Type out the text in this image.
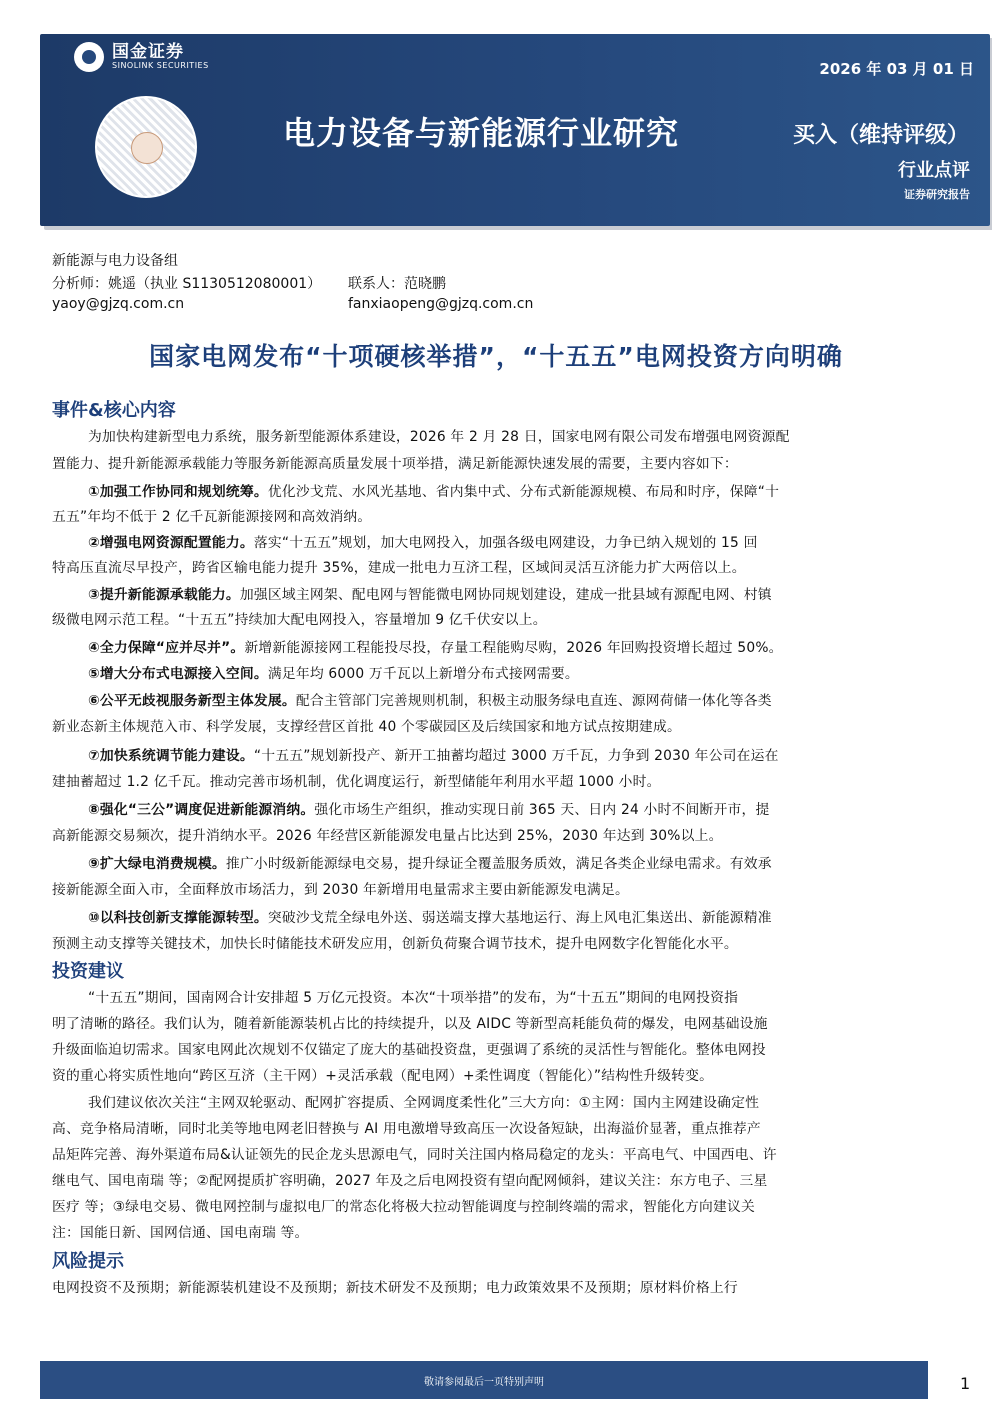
国金证券
SINOLINK SECURITIES	2026 年 03 月 01 日
电力设备与新能源行业研究	买入（维持评级）
行业点评
证券研究报告
新能源与电力设备组
分析师：姚遥（执业 S1130512080001）
yaoy@gjzq.com.cn
联系人：范晓鹏
fanxiaopeng@gjzq.com.cn
国家电网发布“十项硬核举措”，“十五五”电网投资方向明确
事件&核心内容
为加快构建新型电力系统，服务新型能源体系建设，2026 年 2 月 28 日，国家电网有限公司发布增强电网资源配
置能力、提升新能源承载能力等服务新能源高质量发展十项举措，满足新能源快速发展的需要，主要内容如下：
①加强工作协同和规划统筹。优化沙戈荒、水风光基地、省内集中式、分布式新能源规模、布局和时序，保障“十
五五”年均不低于 2 亿千瓦新能源接网和高效消纳。
②增强电网资源配置能力。落实“十五五”规划，加大电网投入，加强各级电网建设，力争已纳入规划的 15 回
特高压直流尽早投产，跨省区输电能力提升 35%，建成一批电力互济工程，区域间灵活互济能力扩大两倍以上。
③提升新能源承载能力。加强区域主网架、配电网与智能微电网协同规划建设，建成一批县域有源配电网、村镇
级微电网示范工程。“十五五”持续加大配电网投入，容量增加 9 亿千伏安以上。
④全力保障“应并尽并”。新增新能源接网工程能投尽投，存量工程能购尽购，2026 年回购投资增长超过 50%。
⑤增大分布式电源接入空间。满足年均 6000 万千瓦以上新增分布式接网需要。
⑥公平无歧视服务新型主体发展。配合主管部门完善规则机制，积极主动服务绿电直连、源网荷储一体化等各类
新业态新主体规范入市、科学发展，支撑经营区首批 40 个零碳园区及后续国家和地方试点按期建成。
⑦加快系统调节能力建设。“十五五”规划新投产、新开工抽蓄均超过 3000 万千瓦，力争到 2030 年公司在运在
建抽蓄超过 1.2 亿千瓦。推动完善市场机制，优化调度运行，新型储能年利用水平超 1000 小时。
⑧强化“三公”调度促进新能源消纳。强化市场生产组织，推动实现日前 365 天、日内 24 小时不间断开市，提
高新能源交易频次，提升消纳水平。2026 年经营区新能源发电量占比达到 25%，2030 年达到 30%以上。
⑨扩大绿电消费规模。推广小时级新能源绿电交易，提升绿证全覆盖服务质效，满足各类企业绿电需求。有效承
接新能源全面入市，全面释放市场活力，到 2030 年新增用电量需求主要由新能源发电满足。
⑩以科技创新支撑能源转型。突破沙戈荒全绿电外送、弱送端支撑大基地运行、海上风电汇集送出、新能源精准
预测主动支撑等关键技术，加快长时储能技术研发应用，创新负荷聚合调节技术，提升电网数字化智能化水平。
投资建议
“十五五”期间，国南网合计安排超 5 万亿元投资。本次“十项举措”的发布，为“十五五”期间的电网投资指
明了清晰的路径。我们认为，随着新能源装机占比的持续提升，以及 AIDC 等新型高耗能负荷的爆发，电网基础设施
升级面临迫切需求。国家电网此次规划不仅锚定了庞大的基础投资盘，更强调了系统的灵活性与智能化。整体电网投
资的重心将实质性地向“跨区互济（主干网）+灵活承载（配电网）+柔性调度（智能化）”结构性升级转变。
我们建议依次关注“主网双轮驱动、配网扩容提质、全网调度柔性化”三大方向：①主网：国内主网建设确定性
高、竞争格局清晰，同时北美等地电网老旧替换与 AI 用电激增导致高压一次设备短缺，出海溢价显著，重点推荐产
品矩阵完善、海外渠道布局&认证领先的民企龙头思源电气，同时关注国内格局稳定的龙头：平高电气、中国西电、许
继电气、国电南瑞 等；②配网提质扩容明确，2027 年及之后电网投资有望向配网倾斜，建议关注：东方电子、三星
医疗 等；③绿电交易、微电网控制与虚拟电厂的常态化将极大拉动智能调度与控制终端的需求，智能化方向建议关
注：国能日新、国网信通、国电南瑞 等。
风险提示
电网投资不及预期；新能源装机建设不及预期；新技术研发不及预期；电力政策效果不及预期；原材料价格上行
敬请参阅最后一页特别声明	1
